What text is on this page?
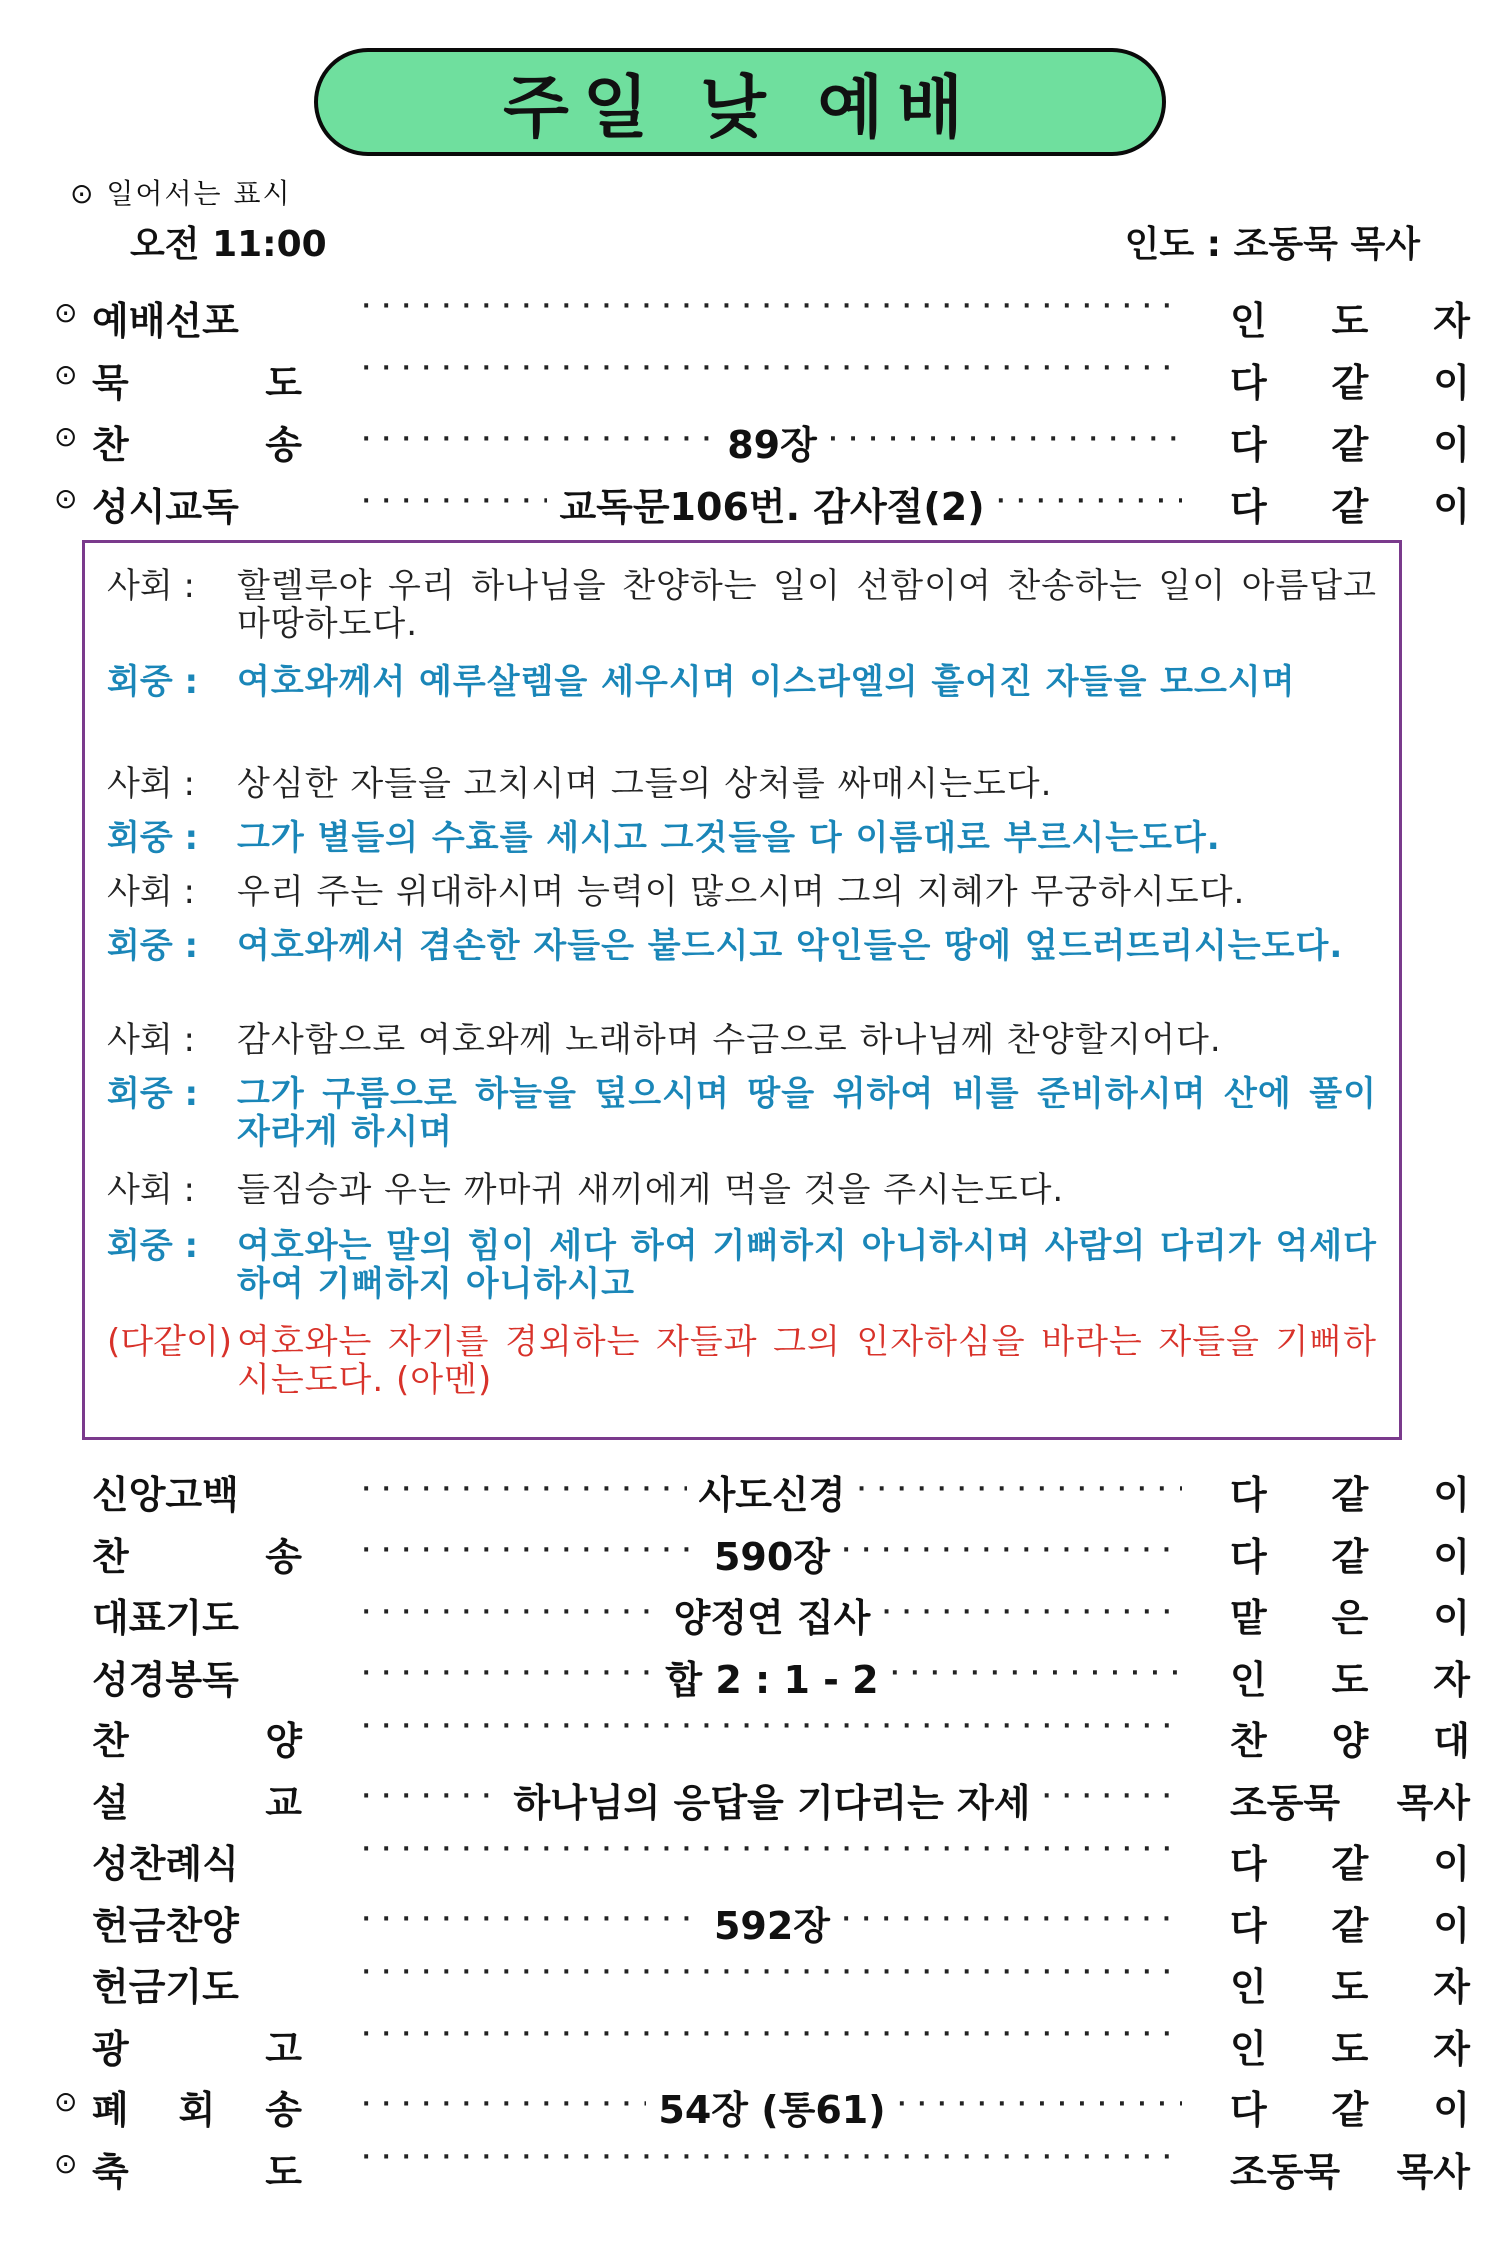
주일 낮 예배
⊙ 일어서는 표시
오전 11:00	인도 : 조동묵 목사
⊙ 예배선포 · · ·	인 도 자
⊙ 묵	도 · · ·	다 같 이
⊙ 찬	송 · · ·	89장 · · ·	다 같 이
⊙ 성시교독 · · ·	교독문106번. 감사절(2) · · ·	다 같 이
사회 :	할렐루야 우리 하나님을 찬양하는 일이 선함이여 찬송하는 일이 아름답고 마땅하도다.
회중 :	여호와께서 예루살렘을 세우시며 이스라엘의 흩어진 자들을 모으시며
사회 :	상심한 자들을 고치시며 그들의 상처를 싸매시는도다.
회중 :	그가 별들의 수효를 세시고 그것들을 다 이름대로 부르시는도다.
사회 :	우리 주는 위대하시며 능력이 많으시며 그의 지혜가 무궁하시도다.
회중 :	여호와께서 겸손한 자들은 붙드시고 악인들은 땅에 엎드러뜨리시는도다.
사회 :	감사함으로 여호와께 노래하며 수금으로 하나님께 찬양할지어다.
회중 :	그가 구름으로 하늘을 덮으시며 땅을 위하여 비를 준비하시며 산에 풀이 자라게 하시며
사회 :	들짐승과 우는 까마귀 새끼에게 먹을 것을 주시는도다.
회중 :	여호와는 말의 힘이 세다 하여 기뻐하지 아니하시며 사람의 다리가 억세다 하여 기뻐하지 아니하시고
(다같이) 여호와는 자기를 경외하는 자들과 그의 인자하심을 바라는 자들을 기뻐하시는도다. (아멘)
신앙고백 · · ·	사도신경 · · ·	다 같 이
찬	송 · · ·	590장 · · ·	다 같 이
대표기도 · · ·	양정연 집사 · · ·	맡 은 이
성경봉독 · · ·	합 2 : 1 - 2 · · ·	인 도 자
찬	양 · · ·	찬 양 대
설	교 · · ·	하나님의 응답을 기다리는 자세 · · ·	조동묵 목사
성찬례식 · · ·	다 같 이
헌금찬양 · · ·	592장 · · ·	다 같 이
헌금기도 · · ·	인 도 자
광	고 · · ·	인 도 자
⊙ 폐 회 송 · · ·	54장 (통61) · · ·	다 같 이
⊙ 축	도 · · ·	조동묵 목사
